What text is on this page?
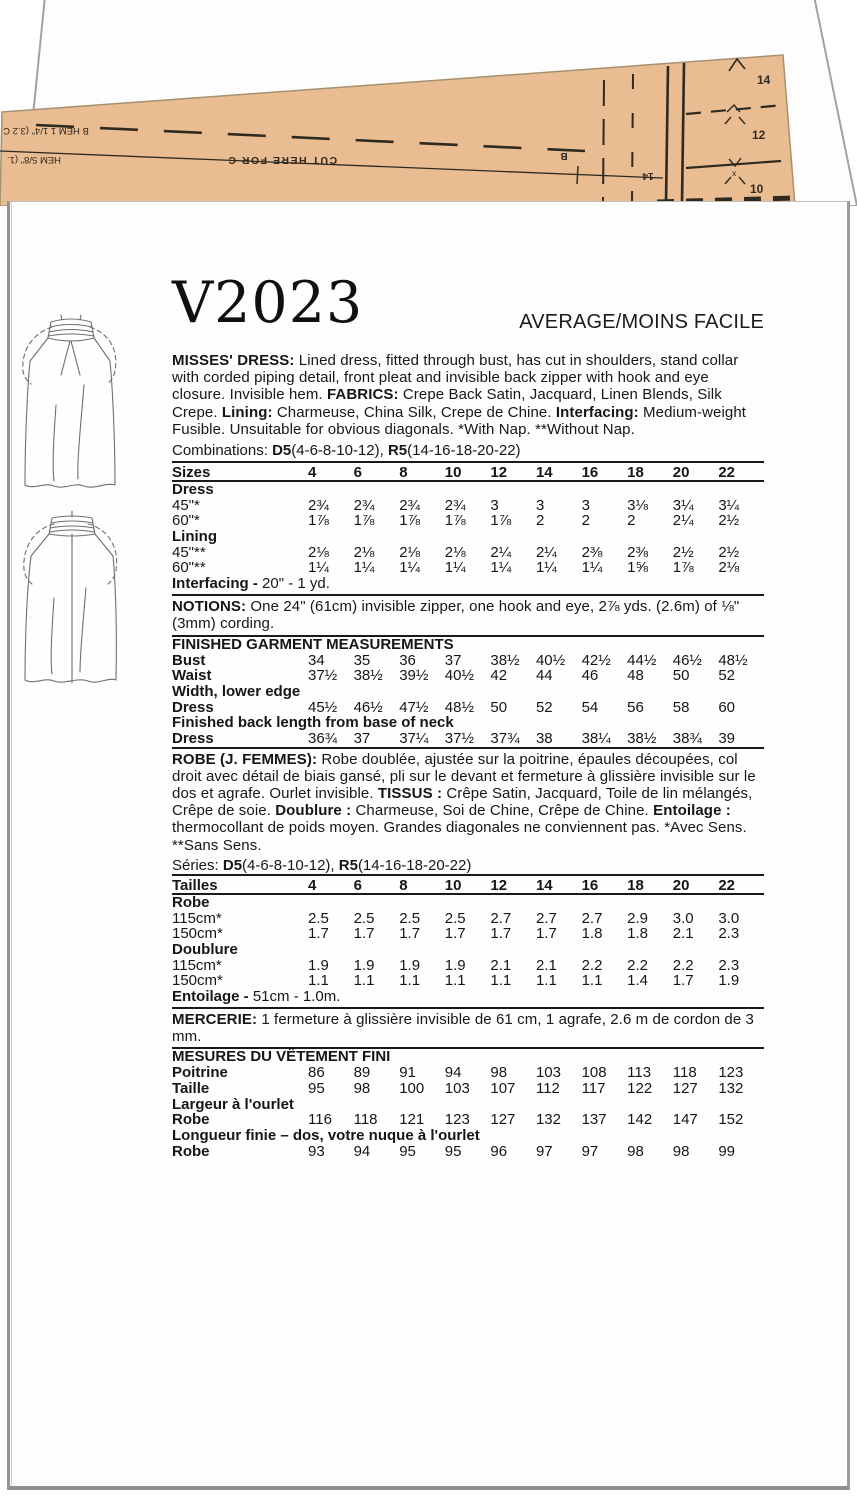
14
12
10
x
B HEM 1 1/4" (3.2 C
HEM 5/8" (1.	CUT HERE FOR C	B
14
V2023	AVERAGE/MOINS FACILE

MISSES' DRESS: Lined dress, fitted through bust, has cut in shoulders, stand collar with corded piping detail, front pleat and invisible back zipper with hook and eye closure. Invisible hem. FABRICS: Crepe Back Satin, Jacquard, Linen Blends, Silk Crepe. Lining: Charmeuse, China Silk, Crepe de Chine. Interfacing: Medium-weight Fusible. Unsuitable for obvious diagonals. *With Nap. **Without Nap.

Combinations: D5(4-6-8-10-12), R5(14-16-18-20-22)

Sizes	4	6	8	10	12	14	16	18	20	22
Dress
45"*	2¾	2¾	2¾	2¾	3	3	3	3⅛	3¼	3¼
60"*	1⅞	1⅞	1⅞	1⅞	1⅞	2	2	2	2¼	2½
Lining
45"**	2⅛	2⅛	2⅛	2⅛	2¼	2¼	2⅜	2⅜	2½	2½
60"**	1¼	1¼	1¼	1¼	1¼	1¼	1¼	1⅝	1⅞	2⅛

Interfacing - 20" - 1 yd.

NOTIONS: One 24" (61cm) invisible zipper, one hook and eye, 2⅞ yds. (2.6m) of ⅛" (3mm) cording.

FINISHED GARMENT MEASUREMENTS

Bust	34	35	36	37	38½	40½	42½	44½	46½	48½
Waist	37½	38½	39½	40½	42	44	46	48	50	52
Width, lower edge
Dress	45½	46½	47½	48½	50	52	54	56	58	60
Finished back length from base of neck
Dress	36¾	37	37¼	37½	37¾	38	38¼	38½	38¾	39

ROBE (J. FEMMES): Robe doublée, ajustée sur la poitrine, épaules découpées, col droit avec détail de biais gansé, pli sur le devant et fermeture à glissière invisible sur le dos et agrafe. Ourlet invisible. TISSUS : Crêpe Satin, Jacquard, Toile de lin mélangés, Crêpe de soie. Doublure : Charmeuse, Soi de Chine, Crêpe de Chine. Entoilage : thermocollant de poids moyen. Grandes diagonales ne conviennent pas. *Avec Sens. **Sans Sens.

Séries: D5(4-6-8-10-12), R5(14-16-18-20-22)

Tailles	4	6	8	10	12	14	16	18	20	22
Robe
115cm*	2.5	2.5	2.5	2.5	2.7	2.7	2.7	2.9	3.0	3.0
150cm*	1.7	1.7	1.7	1.7	1.7	1.7	1.8	1.8	2.1	2.3
Doublure
115cm*	1.9	1.9	1.9	1.9	2.1	2.1	2.2	2.2	2.2	2.3
150cm*	1.1	1.1	1.1	1.1	1.1	1.1	1.1	1.4	1.7	1.9

Entoilage - 51cm - 1.0m.

MERCERIE: 1 fermeture à glissière invisible de 61 cm, 1 agrafe, 2.6 m de cordon de 3 mm.

MESURES DU VÊTEMENT FINI

Poitrine	86	89	91	94	98	103	108	113	118	123
Taille	95	98	100	103	107	112	117	122	127	132
Largeur à l'ourlet
Robe	116	118	121	123	127	132	137	142	147	152
Longueur finie – dos, votre nuque à l'ourlet
Robe	93	94	95	95	96	97	97	98	98	99
